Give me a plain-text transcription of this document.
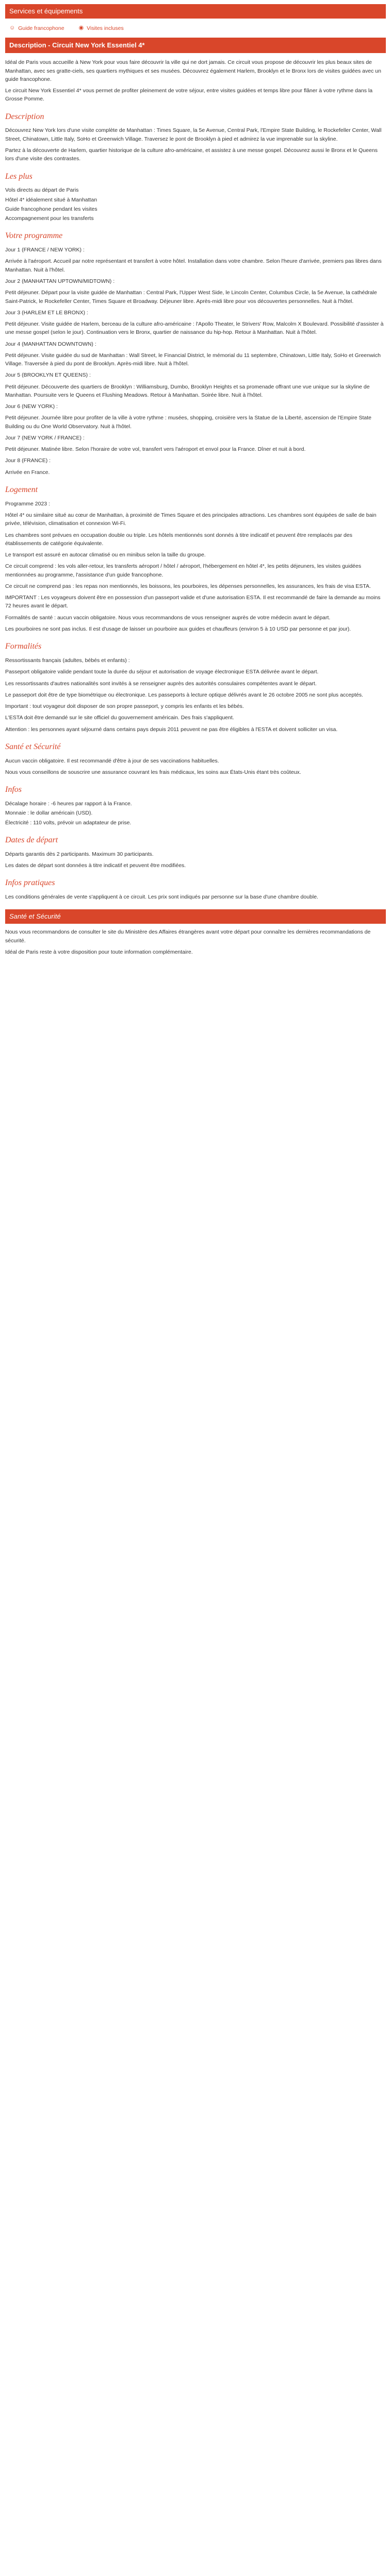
Services et équipements
☺ Guide francophone	◉ Visites incluses
Description - Circuit New York Essentiel 4*

Idéal de Paris vous accueille à New York pour vous faire découvrir la ville qui ne dort jamais. Ce circuit vous propose de découvrir les plus beaux sites de Manhattan, avec ses gratte-ciels, ses quartiers mythiques et ses musées. Découvrez également Harlem, Brooklyn et le Bronx lors de visites guidées avec un guide francophone.

Le circuit New York Essentiel 4* vous permet de profiter pleinement de votre séjour, entre visites guidées et temps libre pour flâner à votre rythme dans la Grosse Pomme.

Description

Découvrez New York lors d'une visite complète de Manhattan : Times Square, la 5e Avenue, Central Park, l'Empire State Building, le Rockefeller Center, Wall Street, Chinatown, Little Italy, SoHo et Greenwich Village. Traversez le pont de Brooklyn à pied et admirez la vue imprenable sur la skyline.

Partez à la découverte de Harlem, quartier historique de la culture afro-américaine, et assistez à une messe gospel. Découvrez aussi le Bronx et le Queens lors d'une visite des contrastes.

Les plus

Vols directs au départ de Paris

Hôtel 4* idéalement situé à Manhattan

Guide francophone pendant les visites

Accompagnement pour les transferts

Votre programme

Jour 1 (FRANCE / NEW YORK) :

Arrivée à l'aéroport. Accueil par notre représentant et transfert à votre hôtel. Installation dans votre chambre. Selon l'heure d'arrivée, premiers pas libres dans Manhattan. Nuit à l'hôtel.

Jour 2 (MANHATTAN UPTOWN/MIDTOWN) :

Petit déjeuner. Départ pour la visite guidée de Manhattan : Central Park, l'Upper West Side, le Lincoln Center, Columbus Circle, la 5e Avenue, la cathédrale Saint-Patrick, le Rockefeller Center, Times Square et Broadway. Déjeuner libre. Après-midi libre pour vos découvertes personnelles. Nuit à l'hôtel.

Jour 3 (HARLEM ET LE BRONX) :

Petit déjeuner. Visite guidée de Harlem, berceau de la culture afro-américaine : l'Apollo Theater, le Strivers' Row, Malcolm X Boulevard. Possibilité d'assister à une messe gospel (selon le jour). Continuation vers le Bronx, quartier de naissance du hip-hop. Retour à Manhattan. Nuit à l'hôtel.

Jour 4 (MANHATTAN DOWNTOWN) :

Petit déjeuner. Visite guidée du sud de Manhattan : Wall Street, le Financial District, le mémorial du 11 septembre, Chinatown, Little Italy, SoHo et Greenwich Village. Traversée à pied du pont de Brooklyn. Après-midi libre. Nuit à l'hôtel.

Jour 5 (BROOKLYN ET QUEENS) :

Petit déjeuner. Découverte des quartiers de Brooklyn : Williamsburg, Dumbo, Brooklyn Heights et sa promenade offrant une vue unique sur la skyline de Manhattan. Poursuite vers le Queens et Flushing Meadows. Retour à Manhattan. Soirée libre. Nuit à l'hôtel.

Jour 6 (NEW YORK) :

Petit déjeuner. Journée libre pour profiter de la ville à votre rythme : musées, shopping, croisière vers la Statue de la Liberté, ascension de l'Empire State Building ou du One World Observatory. Nuit à l'hôtel.

Jour 7 (NEW YORK / FRANCE) :

Petit déjeuner. Matinée libre. Selon l'horaire de votre vol, transfert vers l'aéroport et envol pour la France. Dîner et nuit à bord.

Jour 8 (FRANCE) :

Arrivée en France.

Logement

Programme 2023 :

Hôtel 4* ou similaire situé au cœur de Manhattan, à proximité de Times Square et des principales attractions. Les chambres sont équipées de salle de bain privée, télévision, climatisation et connexion Wi-Fi.

Les chambres sont prévues en occupation double ou triple. Les hôtels mentionnés sont donnés à titre indicatif et peuvent être remplacés par des établissements de catégorie équivalente.

Le transport est assuré en autocar climatisé ou en minibus selon la taille du groupe.

Ce circuit comprend : les vols aller-retour, les transferts aéroport / hôtel / aéroport, l'hébergement en hôtel 4*, les petits déjeuners, les visites guidées mentionnées au programme, l'assistance d'un guide francophone.

Ce circuit ne comprend pas : les repas non mentionnés, les boissons, les pourboires, les dépenses personnelles, les assurances, les frais de visa ESTA.

IMPORTANT : Les voyageurs doivent être en possession d'un passeport valide et d'une autorisation ESTA. Il est recommandé de faire la demande au moins 72 heures avant le départ.

Formalités de santé : aucun vaccin obligatoire. Nous vous recommandons de vous renseigner auprès de votre médecin avant le départ.

Les pourboires ne sont pas inclus. Il est d'usage de laisser un pourboire aux guides et chauffeurs (environ 5 à 10 USD par personne et par jour).

Formalités

Ressortissants français (adultes, bébés et enfants) :

Passeport obligatoire valide pendant toute la durée du séjour et autorisation de voyage électronique ESTA délivrée avant le départ.

Les ressortissants d'autres nationalités sont invités à se renseigner auprès des autorités consulaires compétentes avant le départ.

Le passeport doit être de type biométrique ou électronique. Les passeports à lecture optique délivrés avant le 26 octobre 2005 ne sont plus acceptés.

Important : tout voyageur doit disposer de son propre passeport, y compris les enfants et les bébés.

L'ESTA doit être demandé sur le site officiel du gouvernement américain. Des frais s'appliquent.

Attention : les personnes ayant séjourné dans certains pays depuis 2011 peuvent ne pas être éligibles à l'ESTA et doivent solliciter un visa.

Santé et Sécurité

Aucun vaccin obligatoire. Il est recommandé d'être à jour de ses vaccinations habituelles.

Nous vous conseillons de souscrire une assurance couvrant les frais médicaux, les soins aux États-Unis étant très coûteux.

Infos

Décalage horaire : -6 heures par rapport à la France.

Monnaie : le dollar américain (USD).

Électricité : 110 volts, prévoir un adaptateur de prise.

Dates de départ

Départs garantis dès 2 participants. Maximum 30 participants.

Les dates de départ sont données à titre indicatif et peuvent être modifiées.

Infos pratiques

Les conditions générales de vente s'appliquent à ce circuit. Les prix sont indiqués par personne sur la base d'une chambre double.

Santé et Sécurité

Nous vous recommandons de consulter le site du Ministère des Affaires étrangères avant votre départ pour connaître les dernières recommandations de sécurité.

Idéal de Paris reste à votre disposition pour toute information complémentaire.
